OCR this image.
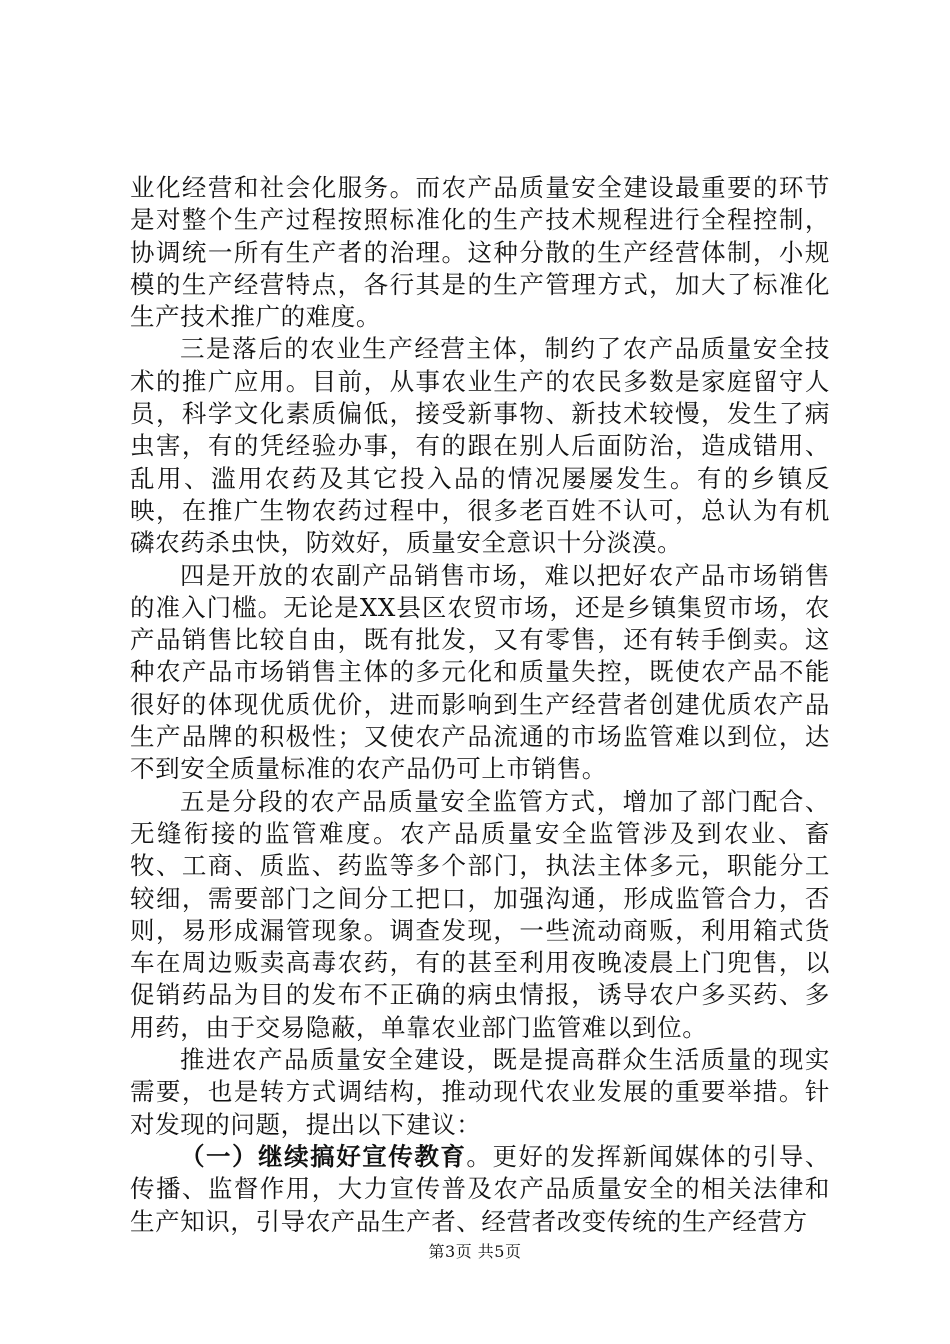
业化经营和社会化服务。而农产品质量安全建设最重要的环节是对整个生产过程按照标准化的生产技术规程进行全程控制，协调统一所有生产者的治理。这种分散的生产经营体制，小规模的生产经营特点，各行其是的生产管理方式，加大了标准化生产技术推广的难度。

三是落后的农业生产经营主体，制约了农产品质量安全技术的推广应用。目前，从事农业生产的农民多数是家庭留守人员，科学文化素质偏低，接受新事物、新技术较慢，发生了病虫害，有的凭经验办事，有的跟在别人后面防治，造成错用、乱用、滥用农药及其它投入品的情况屡屡发生。有的乡镇反映，在推广生物农药过程中，很多老百姓不认可，总认为有机磷农药杀虫快，防效好，质量安全意识十分淡漠。

四是开放的农副产品销售市场，难以把好农产品市场销售的准入门槛。无论是XX县区农贸市场，还是乡镇集贸市场，农产品销售比较自由，既有批发，又有零售，还有转手倒卖。这种农产品市场销售主体的多元化和质量失控，既使农产品不能很好的体现优质优价，进而影响到生产经营者创建优质农产品生产品牌的积极性；又使农产品流通的市场监管难以到位，达不到安全质量标准的农产品仍可上市销售。

五是分段的农产品质量安全监管方式，增加了部门配合、无缝衔接的监管难度。农产品质量安全监管涉及到农业、畜牧、工商、质监、药监等多个部门，执法主体多元，职能分工较细，需要部门之间分工把口，加强沟通，形成监管合力，否则，易形成漏管现象。调查发现，一些流动商贩，利用箱式货车在周边贩卖高毒农药，有的甚至利用夜晚凌晨上门兜售，以促销药品为目的发布不正确的病虫情报，诱导农户多买药、多用药，由于交易隐蔽，单靠农业部门监管难以到位。

推进农产品质量安全建设，既是提高群众生活质量的现实需要，也是转方式调结构，推动现代农业发展的重要举措。针对发现的问题，提出以下建议：

（一）继续搞好宣传教育。更好的发挥新闻媒体的引导、传播、监督作用，大力宣传普及农产品质量安全的相关法律和生产知识，引导农产品生产者、经营者改变传统的生产经营方

第3页 共5页
